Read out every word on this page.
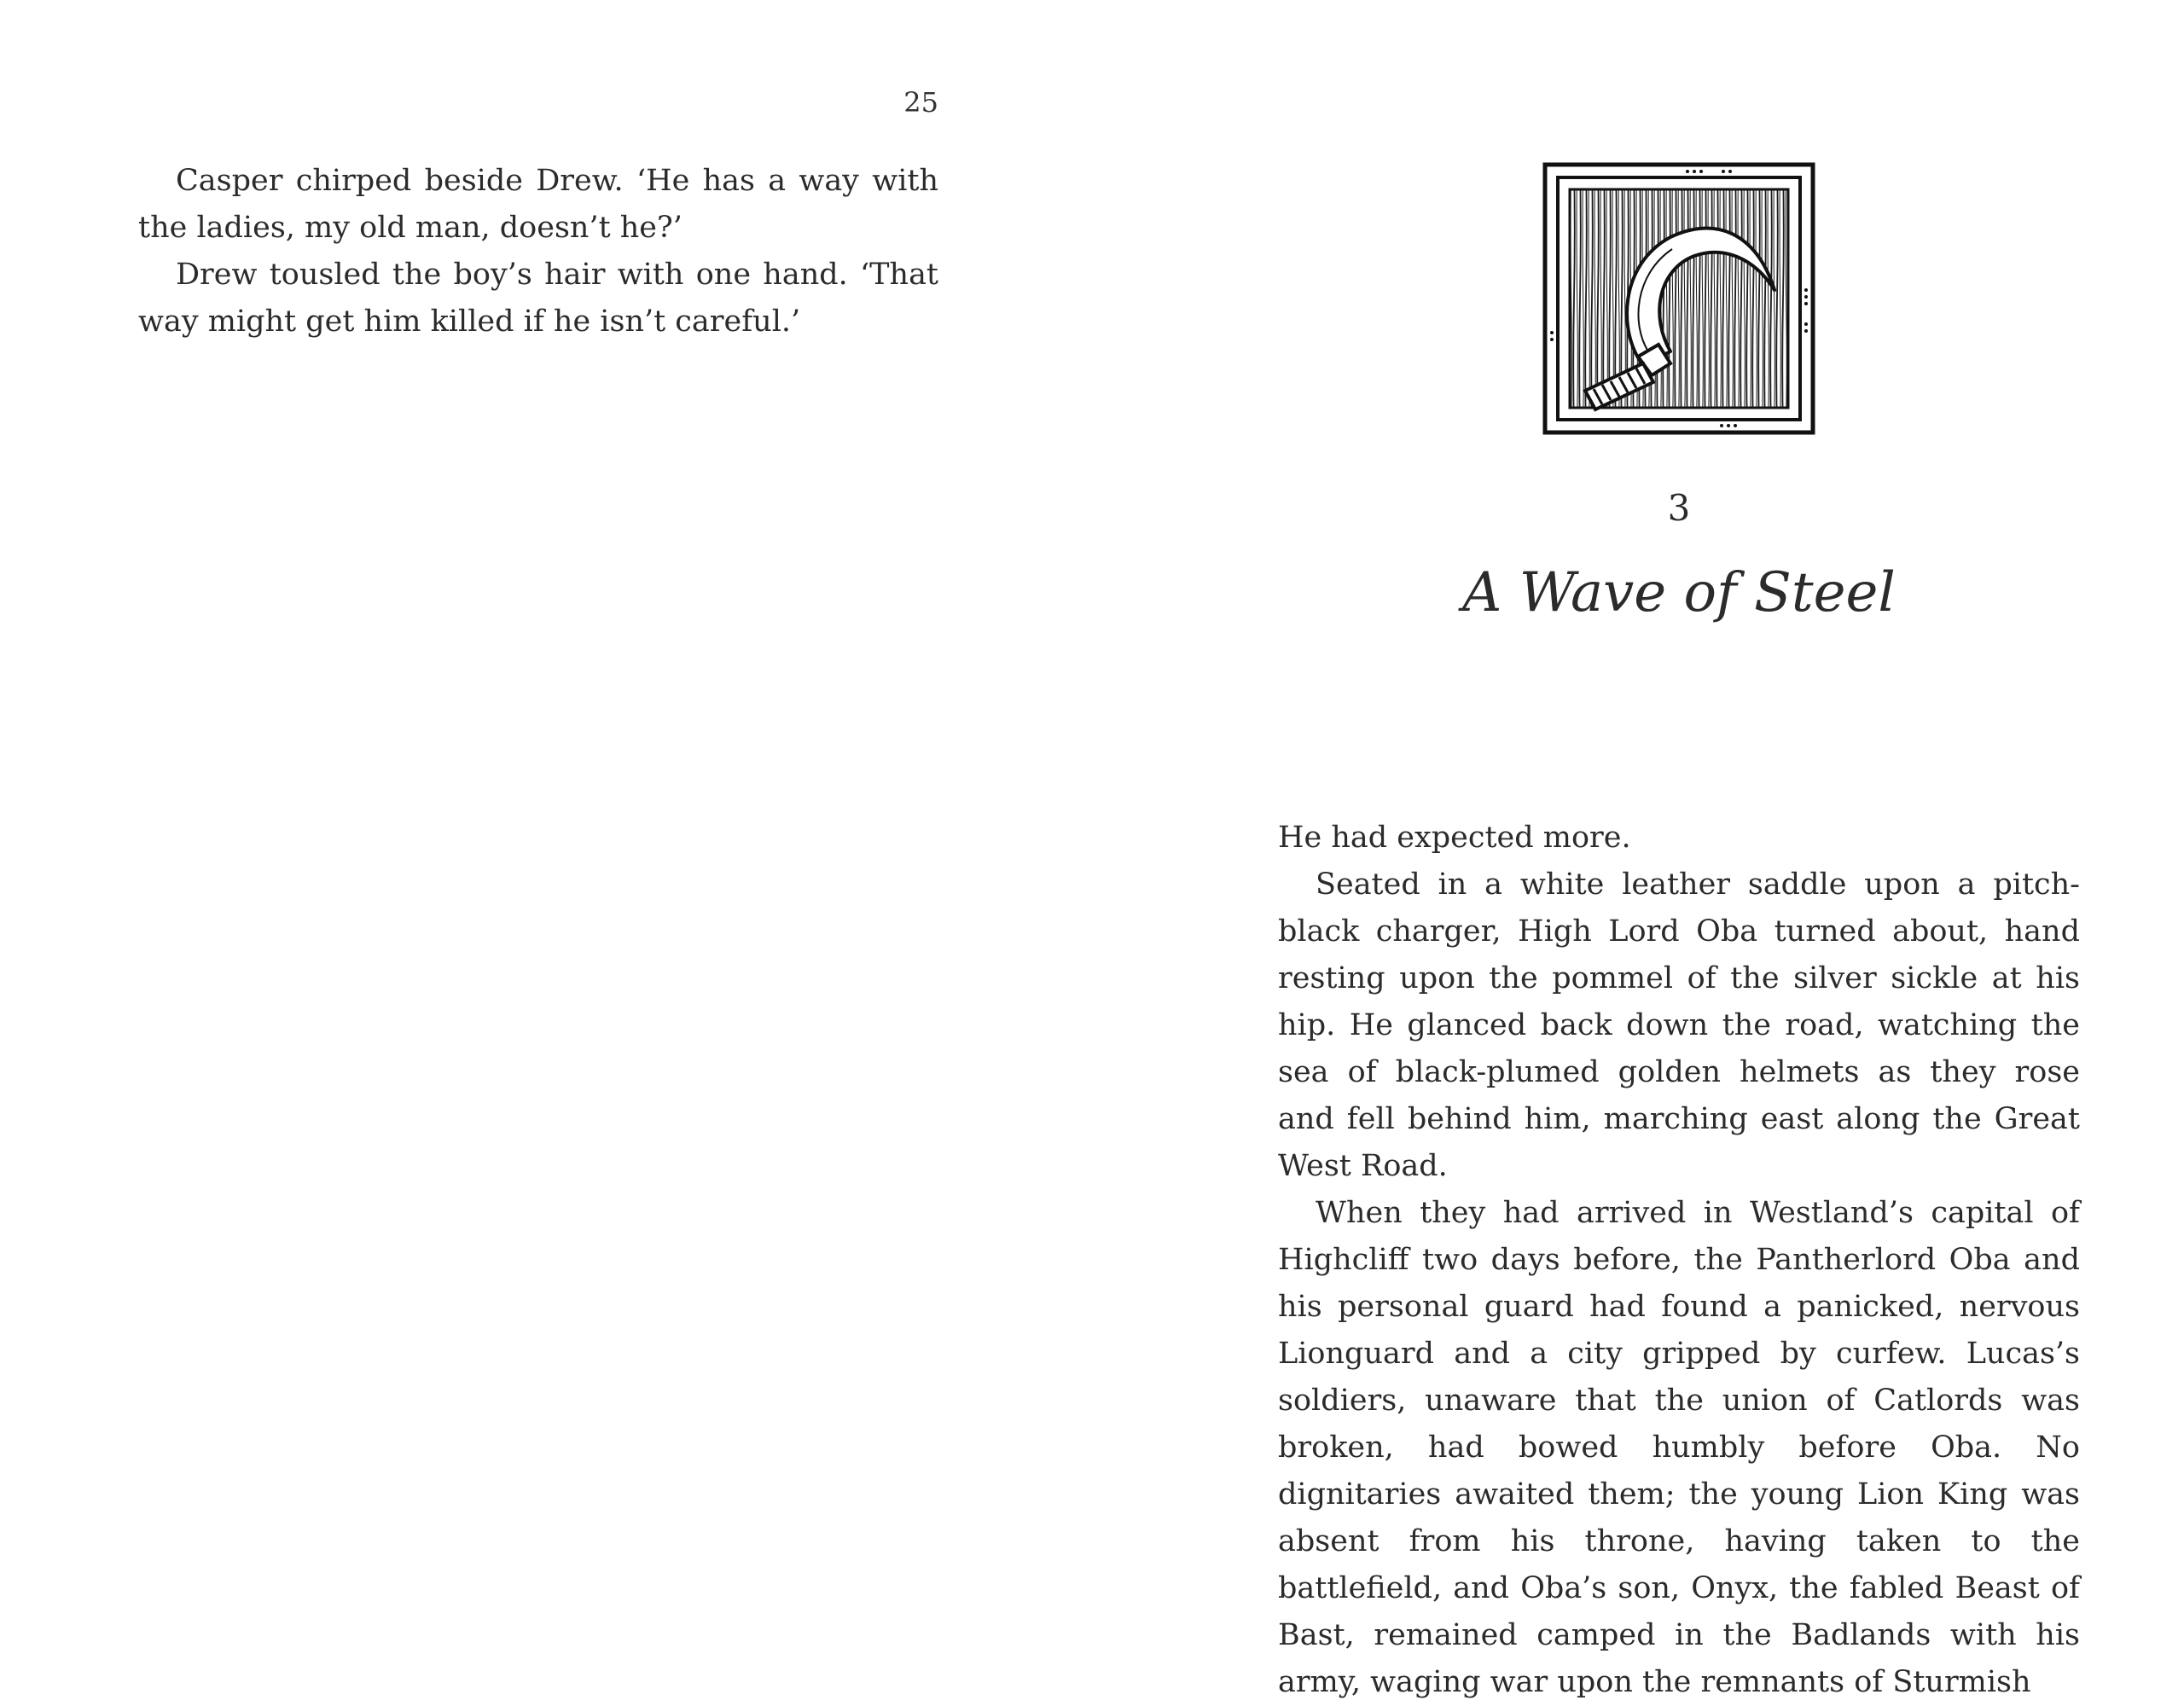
25

Casper chirped beside Drew. ‘He has a way with the ladies, my old man, doesn’t he?’

Drew tousled the boy’s hair with one hand. ‘That way might get him killed if he isn’t careful.’

3
A Wave of Steel

He had expected more.

Seated in a white leather saddle upon a pitch-black charger, High Lord Oba turned about, hand resting upon the pommel of the silver sickle at his hip. He glanced back down the road, watching the sea of black-plumed golden helmets as they rose and fell behind him, marching east along the Great West Road.

When they had arrived in Westland’s capital of Highcliff two days before, the Pantherlord Oba and his personal guard had found a panicked, nervous Lionguard and a city gripped by curfew. Lucas’s soldiers, unaware that the union of Catlords was broken, had bowed humbly before Oba. No dignitaries awaited them; the young Lion King was absent from his throne, having taken to the battlefield, and Oba’s son, Onyx, the fabled Beast of Bast, remained camped in the Badlands with his army, waging war upon the remnants of Sturmish
